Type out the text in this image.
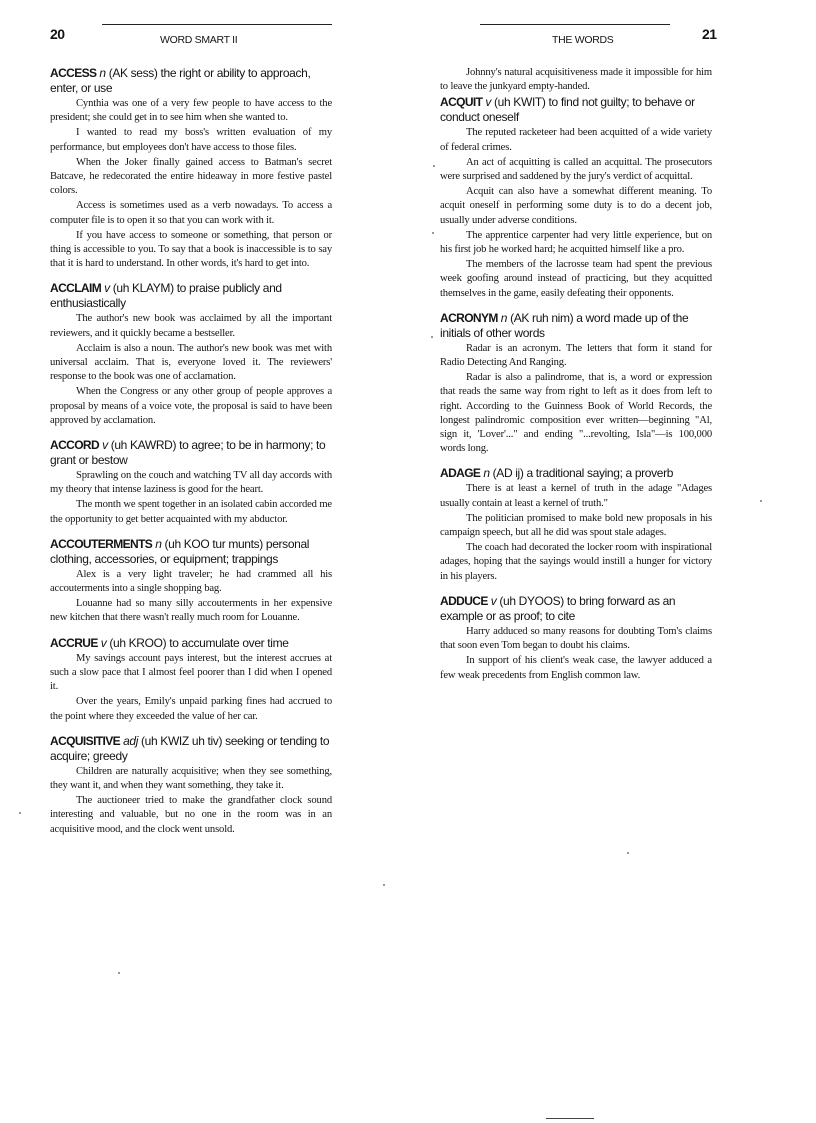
20	WORD SMART II	THE WORDS	21

ACCESS n (AK sess) the right or ability to approach, enter, or use

Cynthia was one of a very few people to have access to the president; she could get in to see him when she wanted to.

I wanted to read my boss's written evaluation of my performance, but employees don't have access to those files.

When the Joker finally gained access to Batman's secret Batcave, he redecorated the entire hideaway in more festive pastel colors.

Access is sometimes used as a verb nowadays. To access a computer file is to open it so that you can work with it.

If you have access to someone or something, that person or thing is accessible to you. To say that a book is inaccessible is to say that it is hard to understand. In other words, it's hard to get into.

ACCLAIM v (uh KLAYM) to praise publicly and enthusiastically

The author's new book was acclaimed by all the important reviewers, and it quickly became a bestseller.

Acclaim is also a noun. The author's new book was met with universal acclaim. That is, everyone loved it. The reviewers' response to the book was one of acclamation.

When the Congress or any other group of people approves a proposal by means of a voice vote, the proposal is said to have been approved by acclamation.

ACCORD v (uh KAWRD) to agree; to be in harmony; to grant or bestow

Sprawling on the couch and watching TV all day accords with my theory that intense laziness is good for the heart.

The month we spent together in an isolated cabin accorded me the opportunity to get better acquainted with my abductor.

ACCOUTERMENTS n (uh KOO tur munts) personal clothing, accessories, or equipment; trappings

Alex is a very light traveler; he had crammed all his accouterments into a single shopping bag.

Louanne had so many silly accouterments in her expensive new kitchen that there wasn't really much room for Louanne.

ACCRUE v (uh KROO) to accumulate over time

My savings account pays interest, but the interest accrues at such a slow pace that I almost feel poorer than I did when I opened it.

Over the years, Emily's unpaid parking fines had accrued to the point where they exceeded the value of her car.

ACQUISITIVE adj (uh KWIZ uh tiv) seeking or tending to acquire; greedy

Children are naturally acquisitive; when they see something, they want it, and when they want something, they take it.

The auctioneer tried to make the grandfather clock sound interesting and valuable, but no one in the room was in an acquisitive mood, and the clock went unsold.

Johnny's natural acquisitiveness made it impossible for him to leave the junkyard empty-handed.

ACQUIT v (uh KWIT) to find not guilty; to behave or conduct oneself

The reputed racketeer had been acquitted of a wide variety of federal crimes.

An act of acquitting is called an acquittal. The prosecutors were surprised and saddened by the jury's verdict of acquittal.

Acquit can also have a somewhat different meaning. To acquit oneself in performing some duty is to do a decent job, usually under adverse conditions.

The apprentice carpenter had very little experience, but on his first job he worked hard; he acquitted himself like a pro.

The members of the lacrosse team had spent the previous week goofing around instead of practicing, but they acquitted themselves in the game, easily defeating their opponents.

ACRONYM n (AK ruh nim) a word made up of the initials of other words

Radar is an acronym. The letters that form it stand for Radio Detecting And Ranging.

Radar is also a palindrome, that is, a word or expression that reads the same way from right to left as it does from left to right. According to the Guinness Book of World Records, the longest palindromic composition ever written—beginning "Al, sign it, 'Lover'..." and ending "...revolting, Isla"—is 100,000 words long.

ADAGE n (AD ij) a traditional saying; a proverb

There is at least a kernel of truth in the adage "Adages usually contain at least a kernel of truth."

The politician promised to make bold new proposals in his campaign speech, but all he did was spout stale adages.

The coach had decorated the locker room with inspirational adages, hoping that the sayings would instill a hunger for victory in his players.

ADDUCE v (uh DYOOS) to bring forward as an example or as proof; to cite

Harry adduced so many reasons for doubting Tom's claims that soon even Tom began to doubt his claims.

In support of his client's weak case, the lawyer adduced a few weak precedents from English common law.
